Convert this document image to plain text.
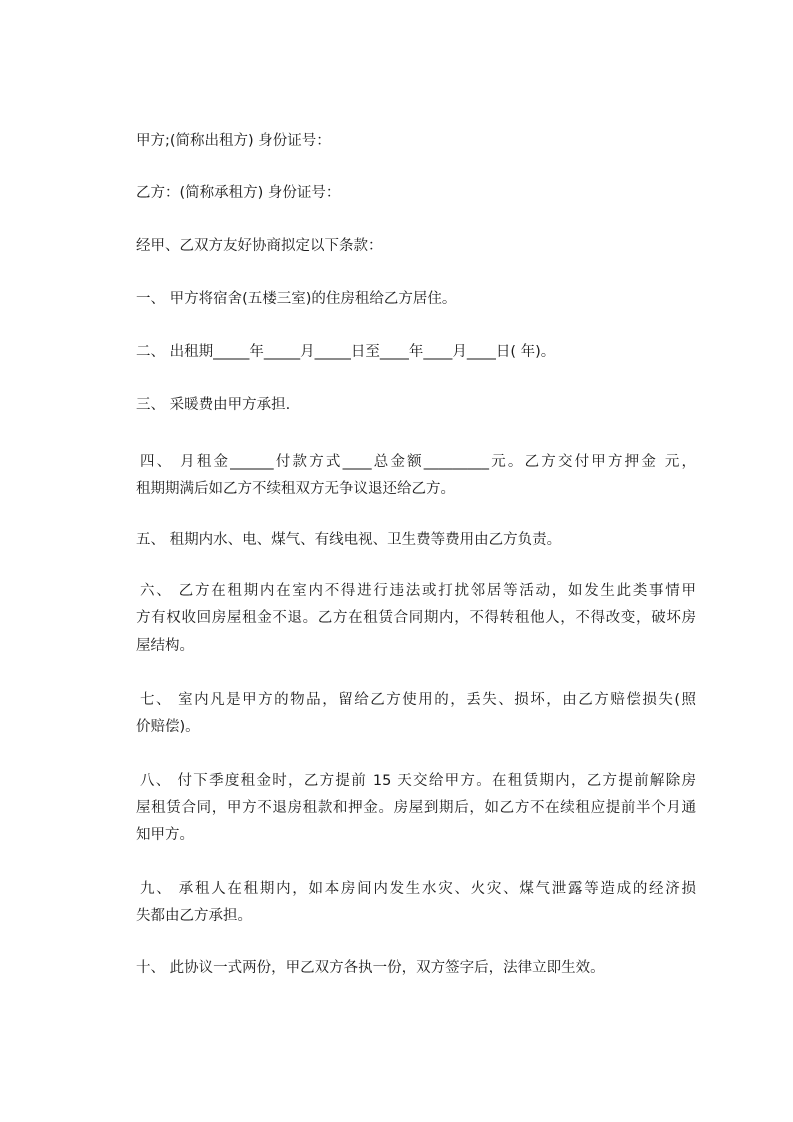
甲方;(简称出租方) 身份证号：
乙方：(简称承租方) 身份证号：
经甲、乙双方友好协商拟定以下条款：
一、 甲方将宿舍(五楼三室)的住房租给乙方居住。
二、 出租期_____年_____月_____日至____年____月____日( 年)。
三、 采暖费由甲方承担.
四、 月租金______付款方式____总金额_________元。乙方交付甲方押金 元，
租期期满后如乙方不续租双方无争议退还给乙方。
五、 租期内水、电、煤气、有线电视、卫生费等费用由乙方负责。
六、 乙方在租期内在室内不得进行违法或打扰邻居等活动，如发生此类事情甲
方有权收回房屋租金不退。乙方在租赁合同期内，不得转租他人，不得改变，破坏房
屋结构。
七、 室内凡是甲方的物品，留给乙方使用的，丢失、损坏，由乙方赔偿损失(照
价赔偿)。
八、 付下季度租金时，乙方提前 15 天交给甲方。在租赁期内，乙方提前解除房
屋租赁合同，甲方不退房租款和押金。房屋到期后，如乙方不在续租应提前半个月通
知甲方。
九、 承租人在租期内，如本房间内发生水灾、火灾、煤气泄露等造成的经济损
失都由乙方承担。
十、 此协议一式两份，甲乙双方各执一份，双方签字后，法律立即生效。
